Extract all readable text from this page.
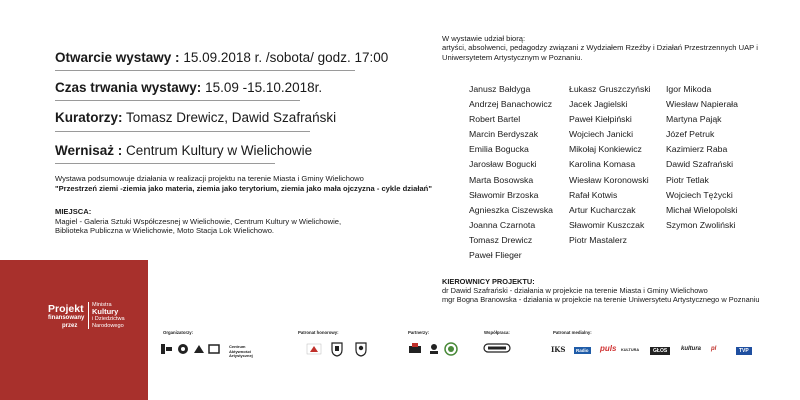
Otwarcie wystawy : 15.09.2018 r. /sobota/ godz. 17:00
Czas trwania wystawy: 15.09 -15.10.2018r.
Kuratorzy: Tomasz Drewicz, Dawid Szafrański
Wernisaż : Centrum Kultury w Wielichowie
Wystawa podsumowuje działania w realizacji projektu na terenie Miasta i Gminy Wielichowo
"Przestrzeń ziemi -ziemia jako materia, ziemia jako terytorium, ziemia jako mała ojczyzna - cykle działań"
MIEJSCA:
Magiel - Galeria Sztuki Współczesnej w Wielichowie, Centrum Kultury w Wielichowie,
Biblioteka Publiczna w Wielichowie, Moto Stacja Lok Wielichowo.
W wystawie udział biorą:
artyści, absolwenci, pedagodzy związani z Wydziałem Rzeźby i Działań Przestrzennych UAP i
Uniwersytetem Artystycznym w Poznaniu.
Janusz Bałdyga
Andrzej Banachowicz
Robert Bartel
Marcin Berdyszak
Emilia Bogucka
Jarosław Bogucki
Marta Bosowska
Sławomir Brzoska
Agnieszka Ciszewska
Joanna Czarnota
Tomasz Drewicz
Paweł Flieger
Łukasz Gruszczyński
Jacek Jagielski
Paweł Kiełpiński
Wojciech Janicki
Mikołaj Konkiewicz
Karolina Komasa
Wiesław Koronowski
Rafał Kotwis
Artur Kucharczak
Sławomir Kuszczak
Piotr Mastalerz
Igor Mikoda
Wiesław Napierała
Martyna Pająk
Józef Petruk
Kazimierz Raba
Dawid Szafrański
Piotr Tetlak
Wojciech Tężycki
Michał Wielopolski
Szymon Zwoliński
KIEROWNICY PROJEKTU:
dr Dawid Szafrański - działania w projekcie na terenie Miasta i Gminy Wielichowo
mgr Bogna Branowska - działania w projekcie na terenie Uniwersytetu Artystycznego w Poznaniu
Projekt
finansowany
przez
Ministra
Kultury
i Dziedzictwa
Narodowego
Organizatorzy:	Patronat honorowy:	Partnerzy:	Współpraca:	Patronat medialny:
Centrum Aktywności Artystycznej
IKS	Radio puls KULTURA	GŁOS	kultura pl	TVP
